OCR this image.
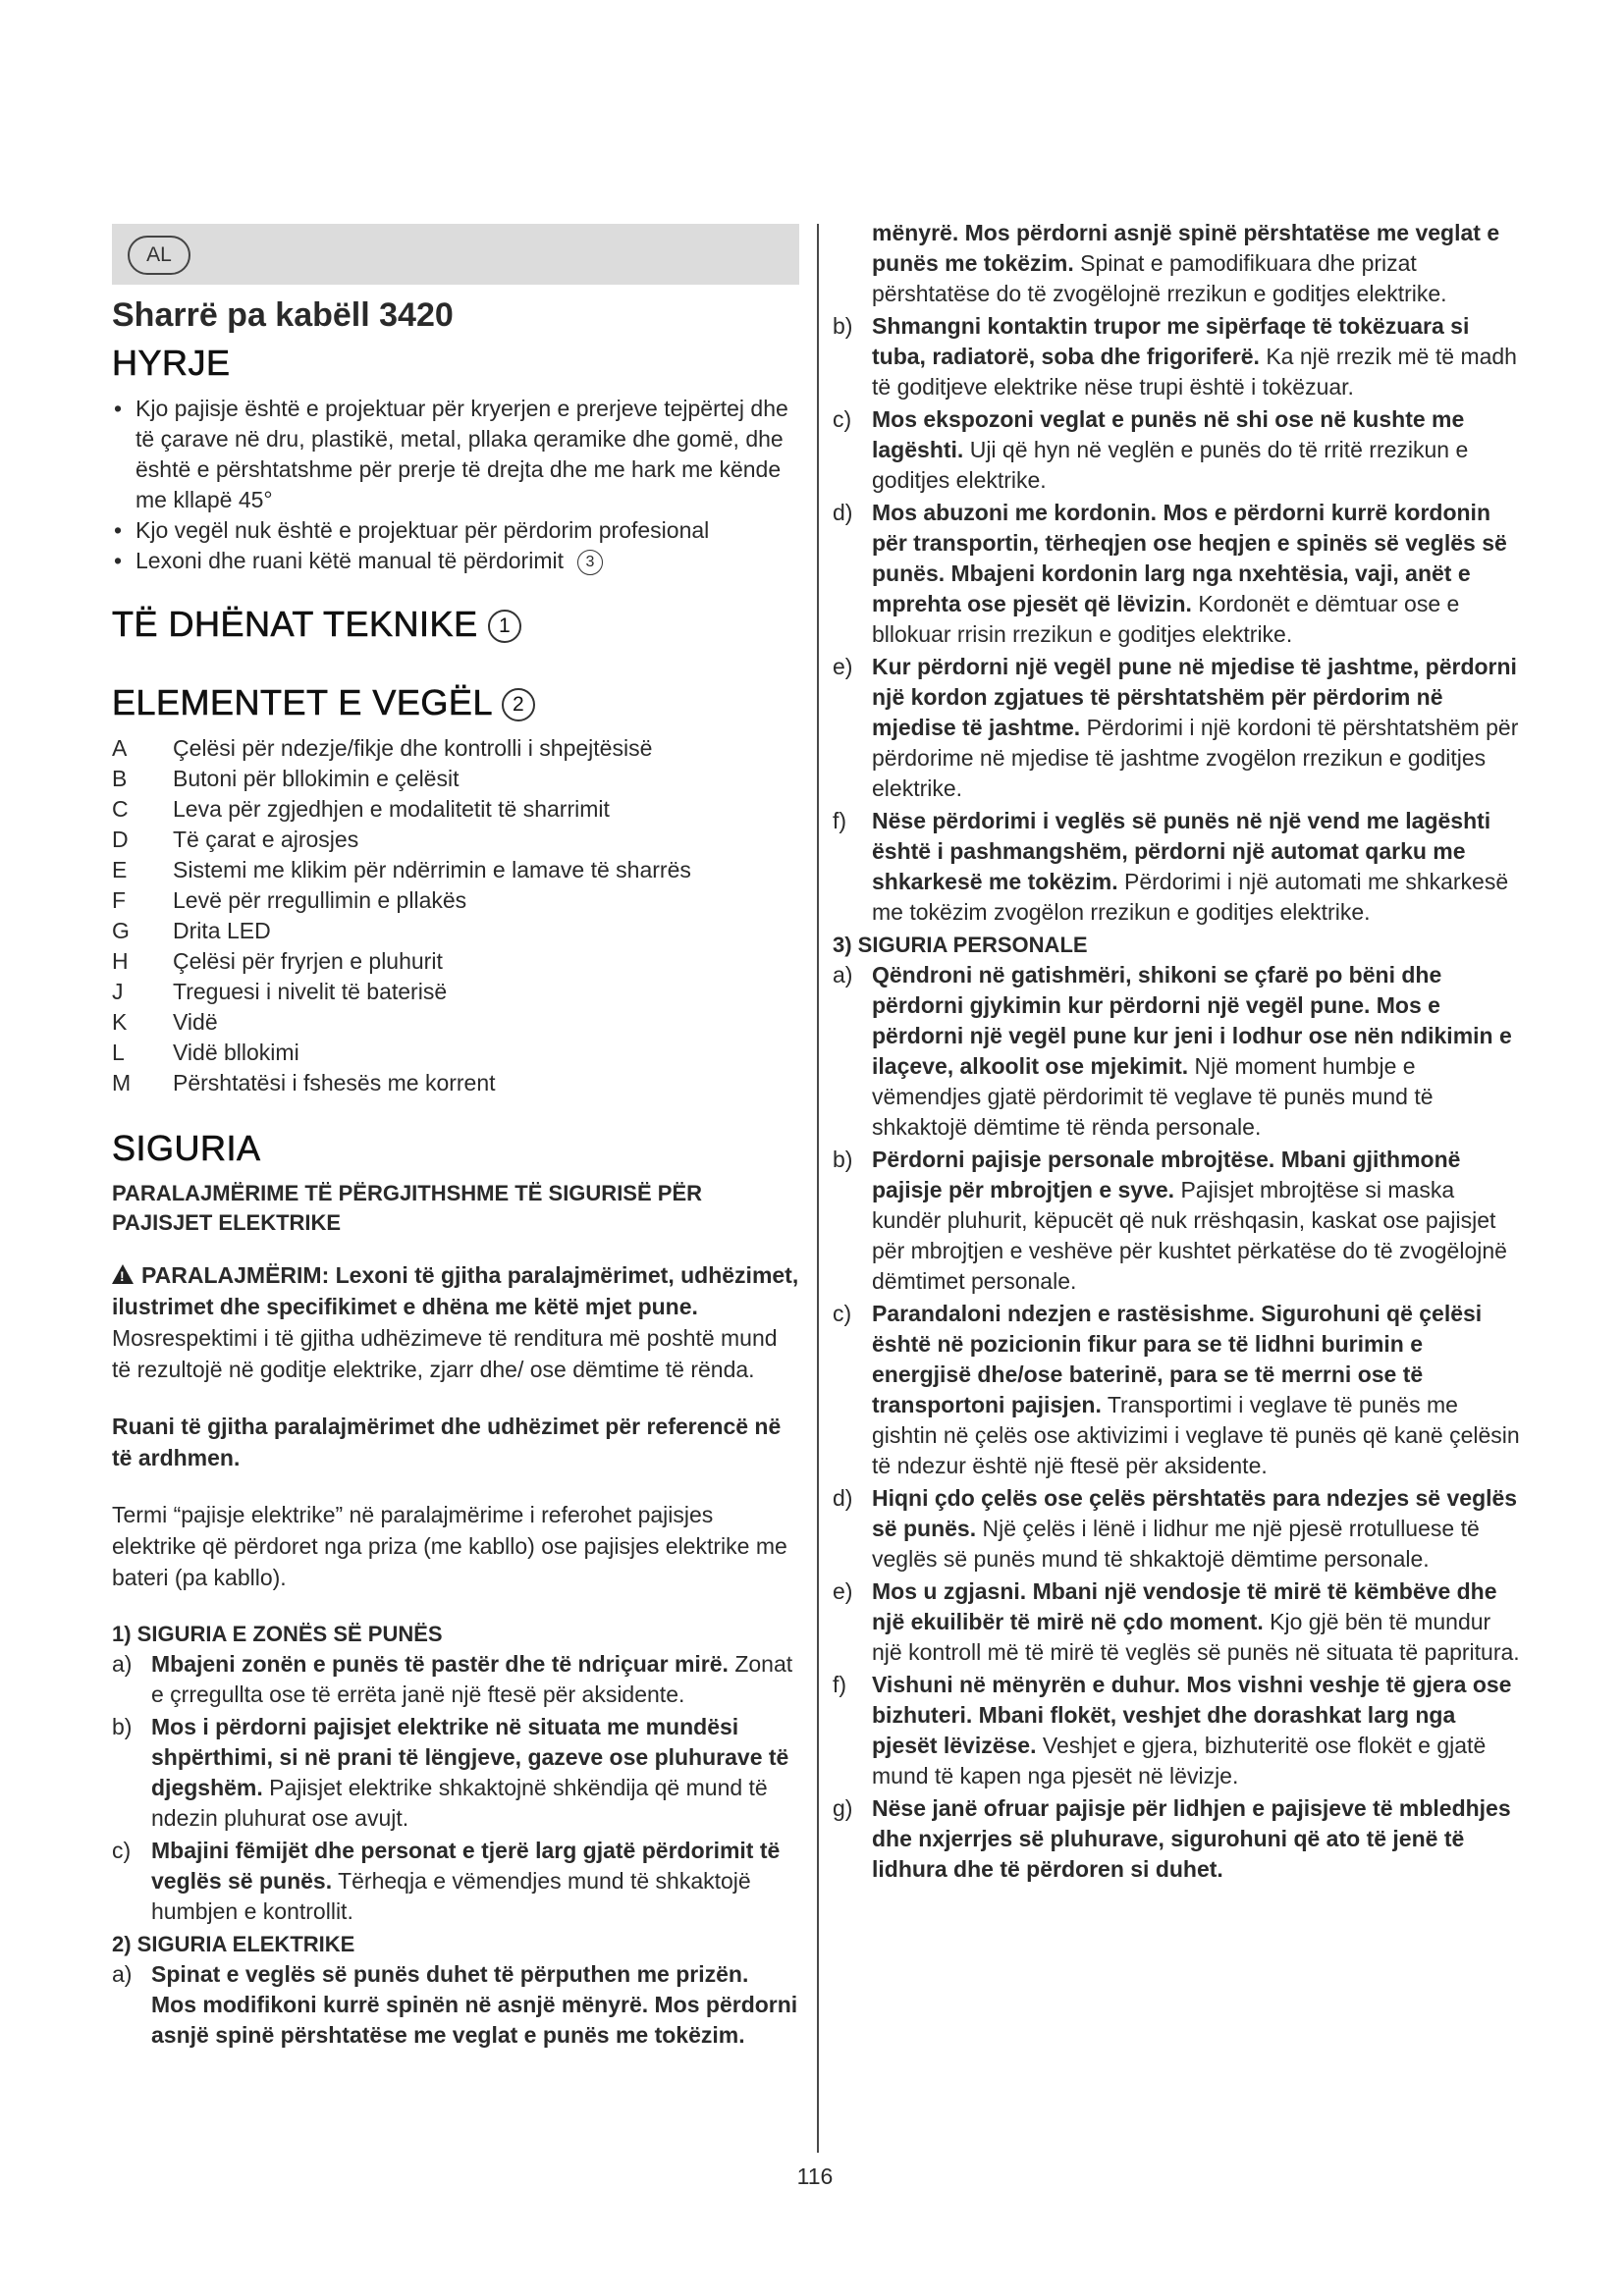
AL
Sharrë pa kabëll 3420
HYRJE
• Kjo pajisje është e projektuar për kryerjen e prerjeve tejpërtej dhe të çarave në dru, plastikë, metal, pllaka qeramike dhe gomë, dhe është e përshtatshme për prerje të drejta dhe me hark me kënde me kllapë 45°
• Kjo vegël nuk është e projektuar për përdorim profesional
• Lexoni dhe ruani këtë manual të përdorimit 3
TË DHËNAT TEKNIKE 1
ELEMENTET E VEGËL 2
A	Çelësi për ndezje/fikje dhe kontrolli i shpejtësisë
B	Butoni për bllokimin e çelësit
C	Leva për zgjedhjen e modalitetit të sharrimit
D	Të çarat e ajrosjes
E	Sistemi me klikim për ndërrimin e lamave të sharrës
F	Levë për rregullimin e pllakës
G	Drita LED
H	Çelësi për fryrjen e pluhurit
J	Treguesi i nivelit të baterisë
K	Vidë
L	Vidë bllokimi
M	Përshtatësi i fshesës me korrent
SIGURIA
PARALAJMËRIME TË PËRGJITHSHME TË SIGURISË PËR PAJISJET ELEKTRIKE

!PARALAJMËRIM: Lexoni të gjitha paralajmërimet, udhëzimet, ilustrimet dhe specifikimet e dhëna me këtë mjet pune. Mosrespektimi i të gjitha udhëzimeve të renditura më poshtë mund të rezultojë në goditje elektrike, zjarr dhe/ ose dëmtime të rënda.

Ruani të gjitha paralajmërimet dhe udhëzimet për referencë në të ardhmen.

Termi “pajisje elektrike” në paralajmërime i referohet pajisjes elektrike që përdoret nga priza (me kabllo) ose pajisjes elektrike me bateri (pa kabllo).

1) SIGURIA E ZONËS SË PUNËS
a) Mbajeni zonën e punës të pastër dhe të ndriçuar mirë. Zonat e çrregullta ose të errëta janë një ftesë për aksidente.
b) Mos i përdorni pajisjet elektrike në situata me mundësi shpërthimi, si në prani të lëngjeve, gazeve ose pluhurave të djegshëm. Pajisjet elektrike shkaktojnë shkëndija që mund të ndezin pluhurat ose avujt.
c) Mbajini fëmijët dhe personat e tjerë larg gjatë përdorimit të veglës së punës. Tërheqja e vëmendjes mund të shkaktojë humbjen e kontrollit.
2) SIGURIA ELEKTRIKE
a) Spinat e veglës së punës duhet të përputhen me prizën. Mos modifikoni kurrë spinën në asnjë mënyrë. Mos përdorni asnjë spinë përshtatëse me veglat e punës me tokëzim.
mënyrë. Mos përdorni asnjë spinë përshtatëse me veglat e punës me tokëzim. Spinat e pamodifikuara dhe prizat përshtatëse do të zvogëlojnë rrezikun e goditjes elektrike.
b) Shmangni kontaktin trupor me sipërfaqe të tokëzuara si tuba, radiatorë, soba dhe frigoriferë. Ka një rrezik më të madh të goditjeve elektrike nëse trupi është i tokëzuar.
c) Mos ekspozoni veglat e punës në shi ose në kushte me lagështi. Uji që hyn në veglën e punës do të rritë rrezikun e goditjes elektrike.
d) Mos abuzoni me kordonin. Mos e përdorni kurrë kordonin për transportin, tërheqjen ose heqjen e spinës së veglës së punës. Mbajeni kordonin larg nga nxehtësia, vaji, anët e mprehta ose pjesët që lëvizin. Kordonët e dëmtuar ose e bllokuar rrisin rrezikun e goditjes elektrike.
e) Kur përdorni një vegël pune në mjedise të jashtme, përdorni një kordon zgjatues të përshtatshëm për përdorim në mjedise të jashtme. Përdorimi i një kordoni të përshtatshëm për përdorime në mjedise të jashtme zvogëlon rrezikun e goditjes elektrike.
f)	Nëse përdorimi i veglës së punës në një vend me lagështi është i pashmangshëm, përdorni një automat qarku me shkarkesë me tokëzim. Përdorimi i një automati me shkarkesë me tokëzim zvogëlon rrezikun e goditjes elektrike.
3) SIGURIA PERSONALE
a) Qëndroni në gatishmëri, shikoni se çfarë po bëni dhe përdorni gjykimin kur përdorni një vegël pune. Mos e përdorni një vegël pune kur jeni i lodhur ose nën ndikimin e ilaçeve, alkoolit ose mjekimit. Një moment humbje e vëmendjes gjatë përdorimit të veglave të punës mund të shkaktojë dëmtime të rënda personale.
b) Përdorni pajisje personale mbrojtëse. Mbani gjithmonë pajisje për mbrojtjen e syve. Pajisjet mbrojtëse si maska kundër pluhurit, këpucët që nuk rrëshqasin, kaskat ose pajisjet për mbrojtjen e veshëve për kushtet përkatëse do të zvogëlojnë dëmtimet personale.
c) Parandaloni ndezjen e rastësishme. Sigurohuni që çelësi është në pozicionin fikur para se të lidhni burimin e energjisë dhe/ose baterinë, para se të merrni ose të transportoni pajisjen. Transportimi i veglave të punës me gishtin në çelës ose aktivizimi i veglave të punës që kanë çelësin të ndezur është një ftesë për aksidente.
d) Hiqni çdo çelës ose çelës përshtatës para ndezjes së veglës së punës. Një çelës i lënë i lidhur me një pjesë rrotulluese të veglës së punës mund të shkaktojë dëmtime personale.
e) Mos u zgjasni. Mbani një vendosje të mirë të këmbëve dhe një ekuilibër të mirë në çdo moment. Kjo gjë bën të mundur një kontroll më të mirë të veglës së punës në situata të papritura.
f)	Vishuni në mënyrën e duhur. Mos vishni veshje të gjera ose bizhuteri. Mbani flokët, veshjet dhe dorashkat larg nga pjesët lëvizëse. Veshjet e gjera, bizhuteritë ose flokët e gjatë mund të kapen nga pjesët në lëvizje.
g) Nëse janë ofruar pajisje për lidhjen e pajisjeve të mbledhjes dhe nxjerrjes së pluhurave, sigurohuni që ato të jenë të lidhura dhe të përdoren si duhet.
116
